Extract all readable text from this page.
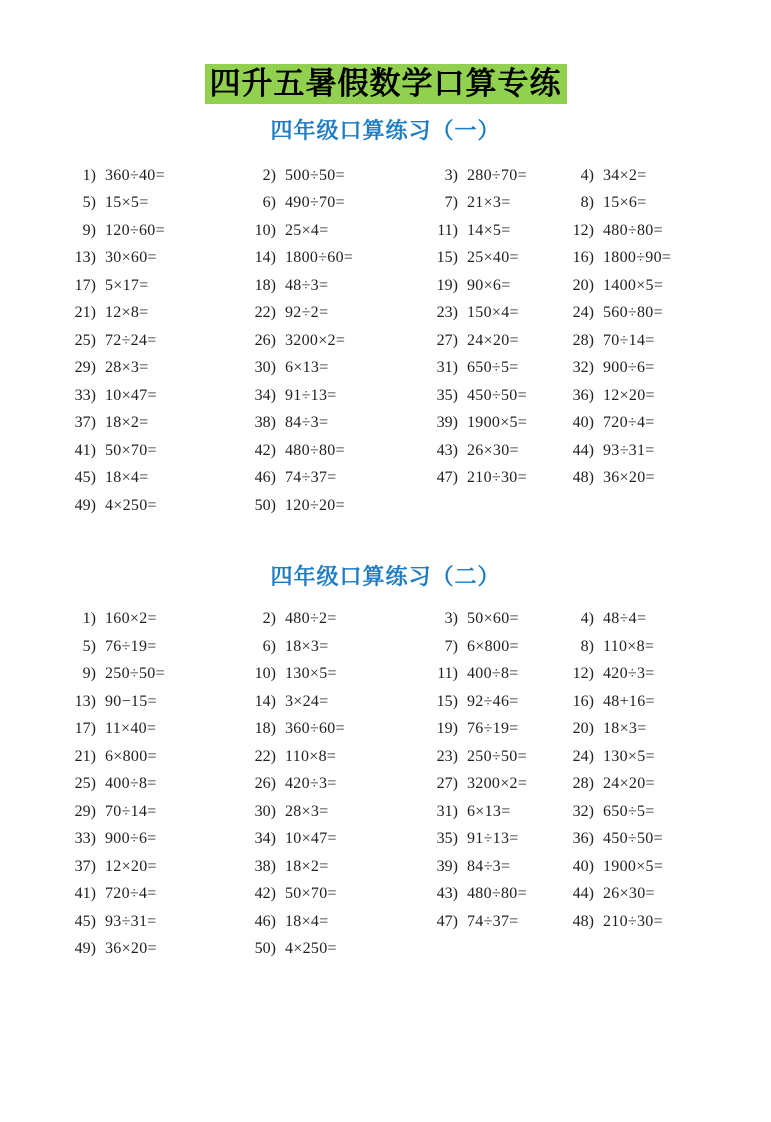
四升五暑假数学口算专练
四年级口算练习（一）
1) 360÷40=	2) 500÷50=	3) 280÷70=	4) 34×2=
5) 15×5=	6) 490÷70=	7) 21×3=	8) 15×6=
9) 120÷60=	10) 25×4=	11) 14×5=	12) 480÷80=
13) 30×60=	14) 1800÷60=	15) 25×40=	16) 1800÷90=
17) 5×17=	18) 48÷3=	19) 90×6=	20) 1400×5=
21) 12×8=	22) 92÷2=	23) 150×4=	24) 560÷80=
25) 72÷24=	26) 3200×2=	27) 24×20=	28) 70÷14=
29) 28×3=	30) 6×13=	31) 650÷5=	32) 900÷6=
33) 10×47=	34) 91÷13=	35) 450÷50=	36) 12×20=
37) 18×2=	38) 84÷3=	39) 1900×5=	40) 720÷4=
41) 50×70=	42) 480÷80=	43) 26×30=	44) 93÷31=
45) 18×4=	46) 74÷37=	47) 210÷30=	48) 36×20=
49) 4×250=	50) 120÷20=
四年级口算练习（二）
1) 160×2=	2) 480÷2=	3) 50×60=	4) 48÷4=
5) 76÷19=	6) 18×3=	7) 6×800=	8) 110×8=
9) 250÷50=	10) 130×5=	11) 400÷8=	12) 420÷3=
13) 90−15=	14) 3×24=	15) 92÷46=	16) 48+16=
17) 11×40=	18) 360÷60=	19) 76÷19=	20) 18×3=
21) 6×800=	22) 110×8=	23) 250÷50=	24) 130×5=
25) 400÷8=	26) 420÷3=	27) 3200×2=	28) 24×20=
29) 70÷14=	30) 28×3=	31) 6×13=	32) 650÷5=
33) 900÷6=	34) 10×47=	35) 91÷13=	36) 450÷50=
37) 12×20=	38) 18×2=	39) 84÷3=	40) 1900×5=
41) 720÷4=	42) 50×70=	43) 480÷80=	44) 26×30=
45) 93÷31=	46) 18×4=	47) 74÷37=	48) 210÷30=
49) 36×20=	50) 4×250=
